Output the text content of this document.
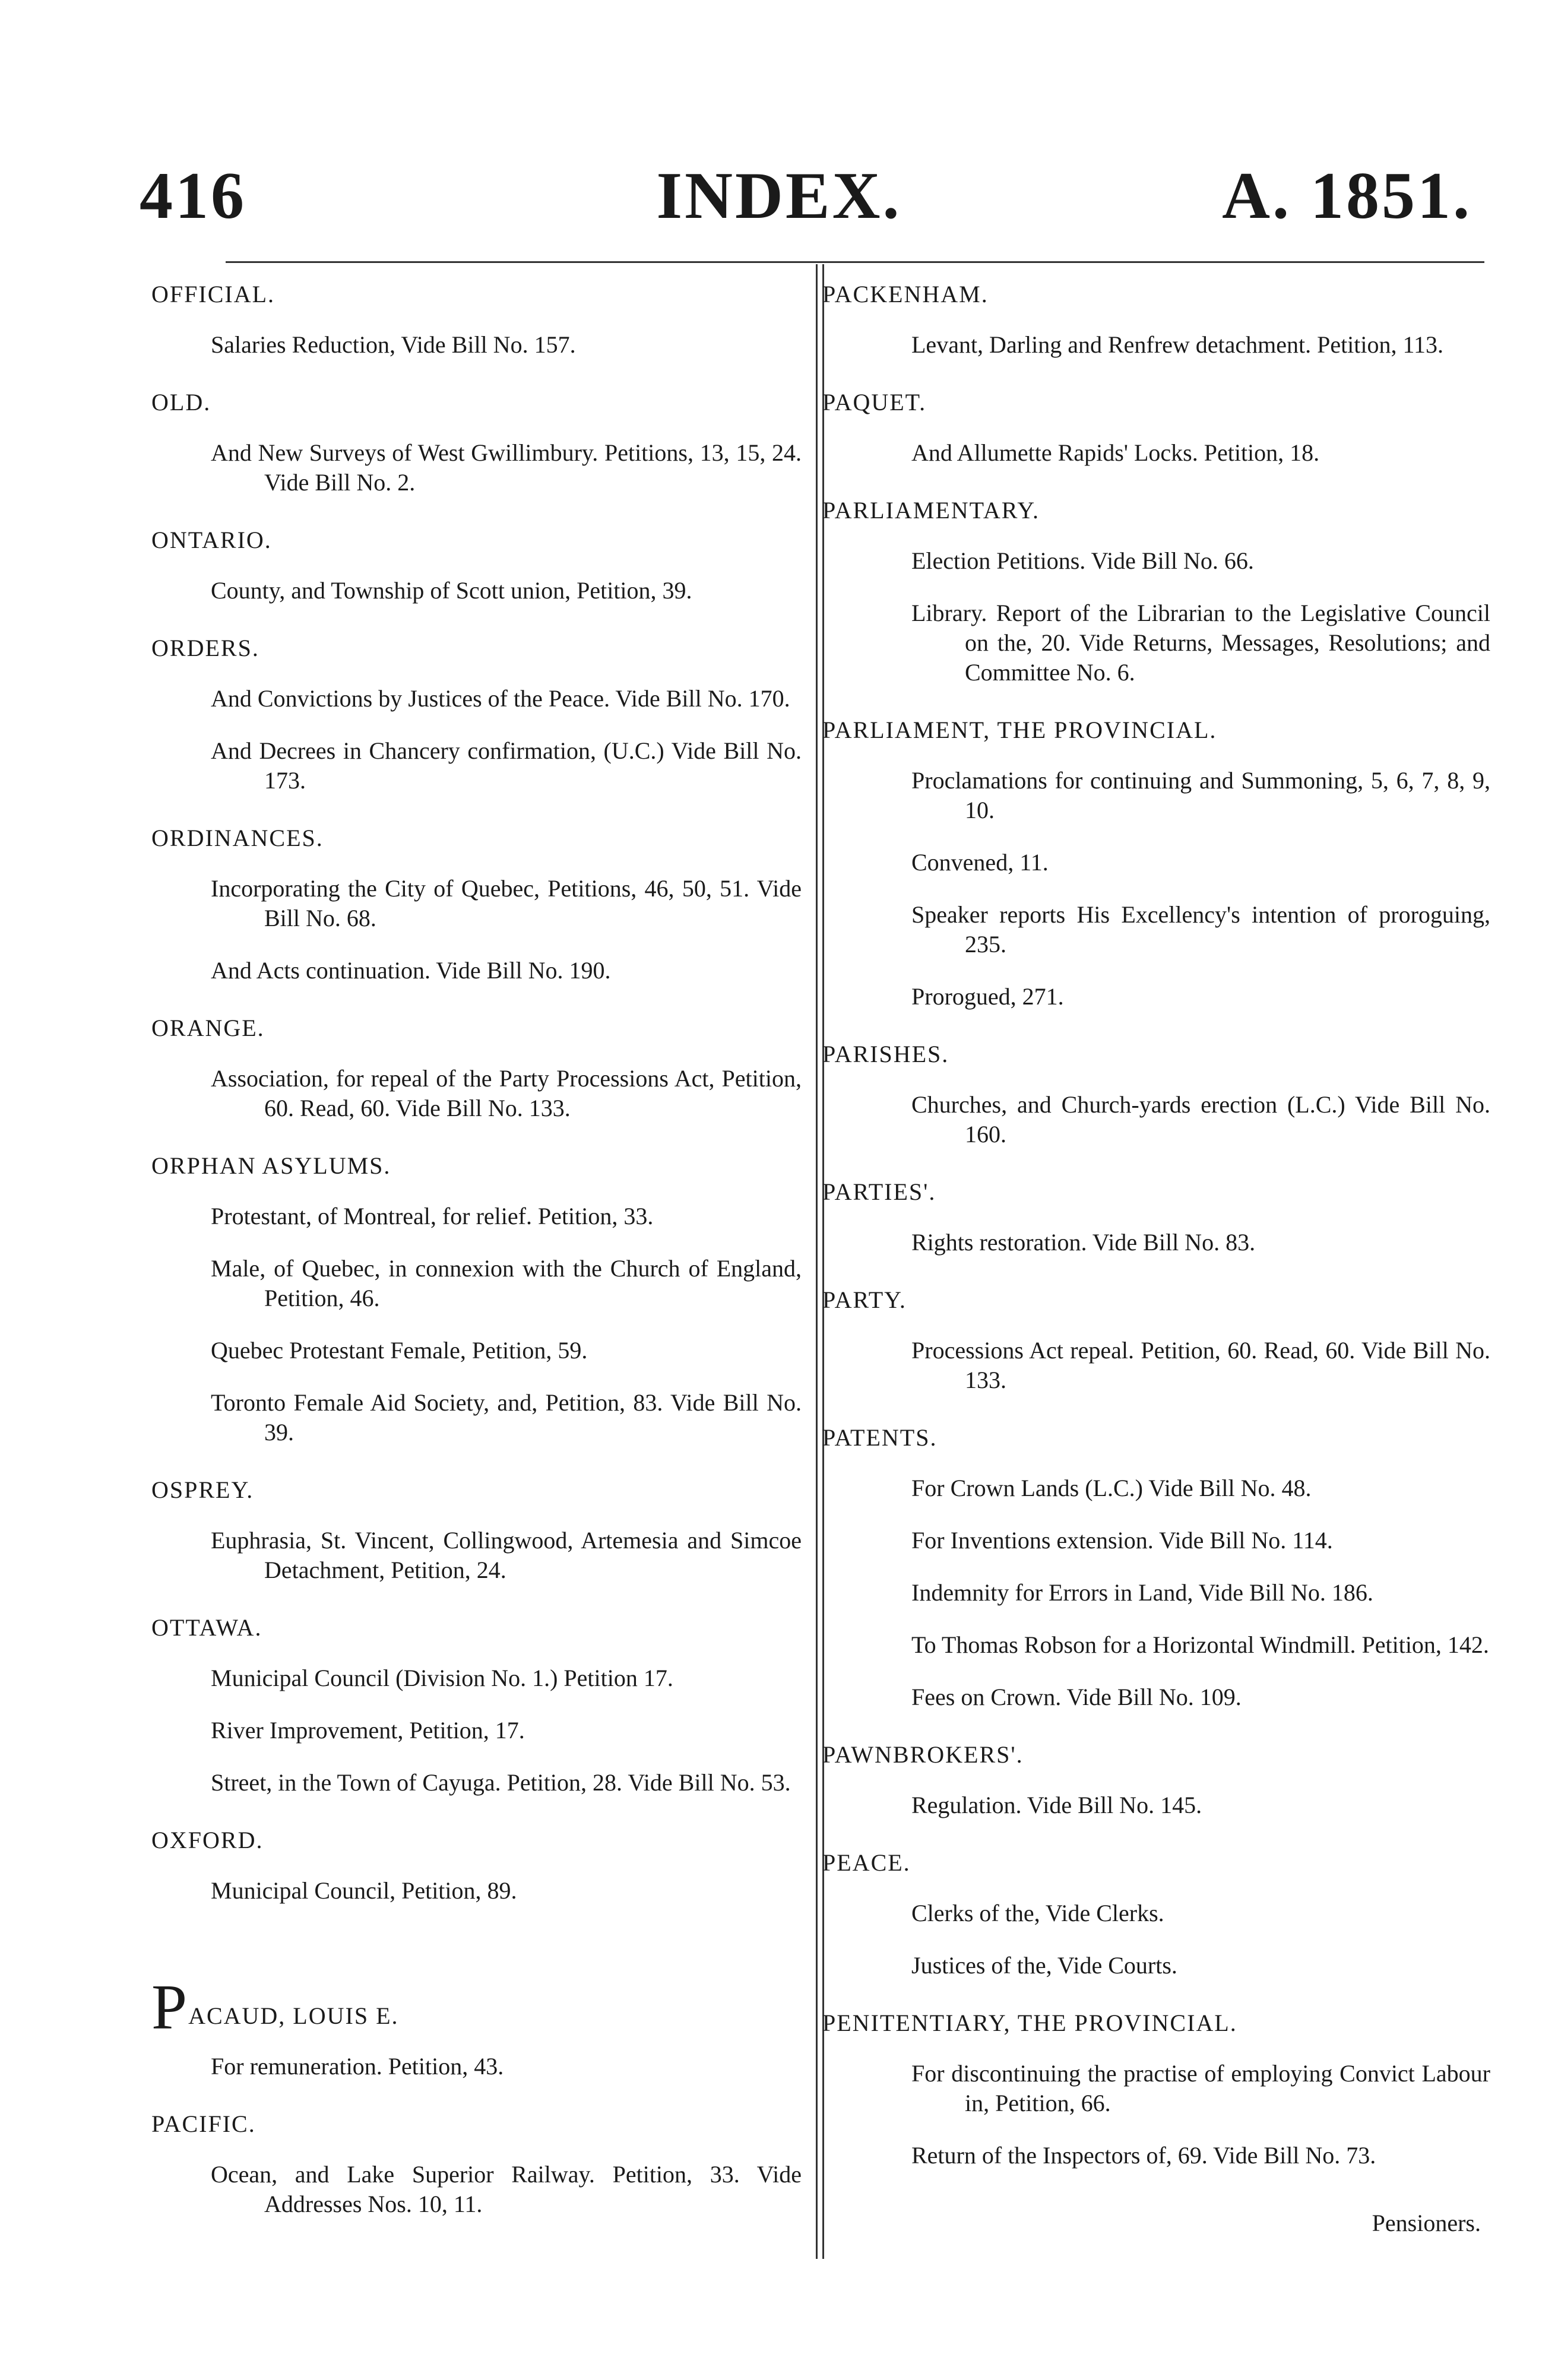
416	INDEX.	A. 1851.
OFFICIAL.
Salaries Reduction, Vide Bill No. 157.
OLD.
And New Surveys of West Gwillimbury. Petitions, 13, 15, 24. Vide Bill No. 2.
ONTARIO.
County, and Township of Scott union, Petition, 39.
ORDERS.
And Convictions by Justices of the Peace. Vide Bill No. 170.
And Decrees in Chancery confirmation, (U.C.) Vide Bill No. 173.
ORDINANCES.
Incorporating the City of Quebec, Petitions, 46, 50, 51. Vide Bill No. 68.
And Acts continuation. Vide Bill No. 190.
ORANGE.
Association, for repeal of the Party Processions Act, Petition, 60. Read, 60. Vide Bill No. 133.
ORPHAN ASYLUMS.
Protestant, of Montreal, for relief. Petition, 33.
Male, of Quebec, in connexion with the Church of England, Petition, 46.
Quebec Protestant Female, Petition, 59.
Toronto Female Aid Society, and, Petition, 83. Vide Bill No. 39.
OSPREY.
Euphrasia, St. Vincent, Collingwood, Artemesia and Simcoe Detachment, Petition, 24.
OTTAWA.
Municipal Council (Division No. 1.) Petition 17.
River Improvement, Petition, 17.
Street, in the Town of Cayuga. Petition, 28. Vide Bill No. 53.
OXFORD.
Municipal Council, Petition, 89.
PACAUD, LOUIS E.
For remuneration. Petition, 43.
PACIFIC.
Ocean, and Lake Superior Railway. Petition, 33. Vide Addresses Nos. 10, 11.
PACKENHAM.
Levant, Darling and Renfrew detachment. Petition, 113.
PAQUET.
And Allumette Rapids' Locks. Petition, 18.
PARLIAMENTARY.
Election Petitions. Vide Bill No. 66.
Library. Report of the Librarian to the Legislative Council on the, 20. Vide Returns, Messages, Resolutions; and Committee No. 6.
PARLIAMENT, THE PROVINCIAL.
Proclamations for continuing and Summoning, 5, 6, 7, 8, 9, 10.
Convened, 11.
Speaker reports His Excellency's intention of proroguing, 235.
Prorogued, 271.
PARISHES.
Churches, and Church-yards erection (L.C.) Vide Bill No. 160.
PARTIES'.
Rights restoration. Vide Bill No. 83.
PARTY.
Processions Act repeal. Petition, 60. Read, 60. Vide Bill No. 133.
PATENTS.
For Crown Lands (L.C.) Vide Bill No. 48.
For Inventions extension. Vide Bill No. 114.
Indemnity for Errors in Land, Vide Bill No. 186.
To Thomas Robson for a Horizontal Windmill. Petition, 142.
Fees on Crown. Vide Bill No. 109.
PAWNBROKERS'.
Regulation. Vide Bill No. 145.
PEACE.
Clerks of the, Vide Clerks.
Justices of the, Vide Courts.
PENITENTIARY, THE PROVINCIAL.
For discontinuing the practise of employing Convict Labour in, Petition, 66.
Return of the Inspectors of, 69. Vide Bill No. 73.
Pensioners.
